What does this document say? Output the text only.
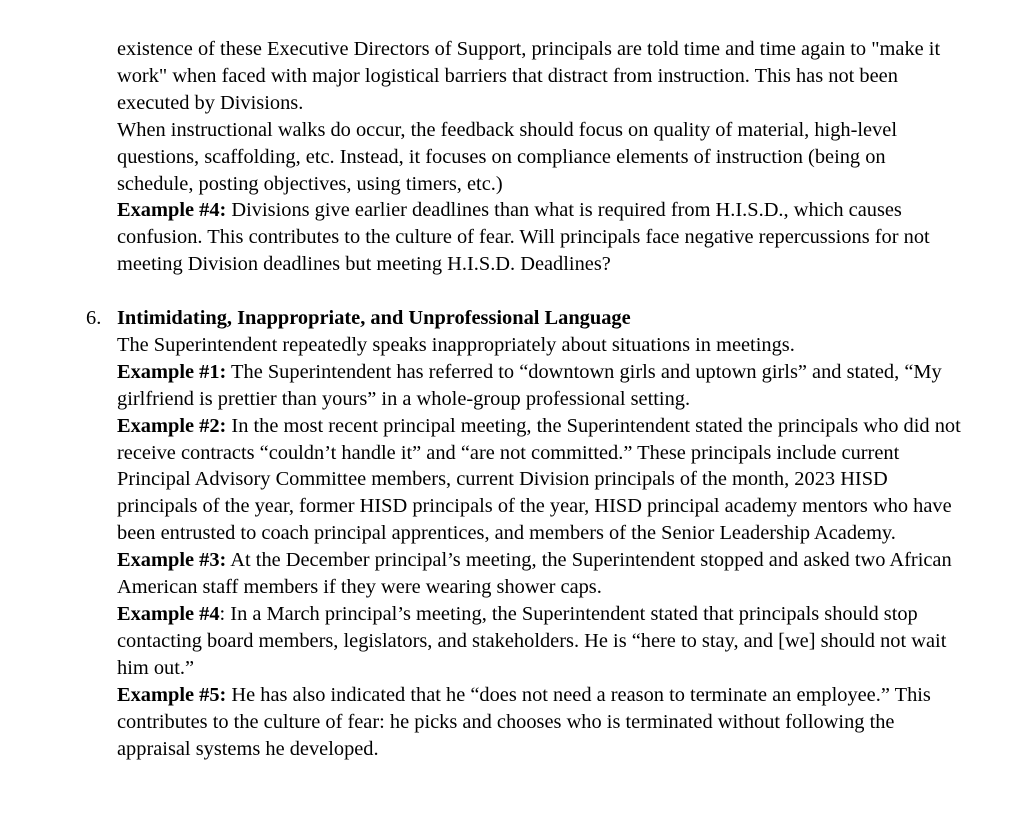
existence of these Executive Directors of Support, principals are told time and time again to "make it work" when faced with major logistical barriers that distract from instruction. This has not been executed by Divisions.

When instructional walks do occur, the feedback should focus on quality of material, high-level questions, scaffolding, etc. Instead, it focuses on compliance elements of instruction (being on schedule, posting objectives, using timers, etc.)

Example #4: Divisions give earlier deadlines than what is required from H.I.S.D., which causes confusion. This contributes to the culture of fear. Will principals face negative repercussions for not meeting Division deadlines but meeting H.I.S.D. Deadlines?

6. Intimidating, Inappropriate, and Unprofessional Language

The Superintendent repeatedly speaks inappropriately about situations in meetings.

Example #1: The Superintendent has referred to “downtown girls and uptown girls” and stated, “My girlfriend is prettier than yours” in a whole-group professional setting.

Example #2: In the most recent principal meeting, the Superintendent stated the principals who did not receive contracts “couldn’t handle it” and “are not committed.” These principals include current Principal Advisory Committee members, current Division principals of the month, 2023 HISD principals of the year, former HISD principals of the year, HISD principal academy mentors who have been entrusted to coach principal apprentices, and members of the Senior Leadership Academy.

Example #3: At the December principal’s meeting, the Superintendent stopped and asked two African American staff members if they were wearing shower caps.

Example #4: In a March principal’s meeting, the Superintendent stated that principals should stop contacting board members, legislators, and stakeholders. He is “here to stay, and [we] should not wait him out.”

Example #5: He has also indicated that he “does not need a reason to terminate an employee.” This contributes to the culture of fear: he picks and chooses who is terminated without following the appraisal systems he developed.
